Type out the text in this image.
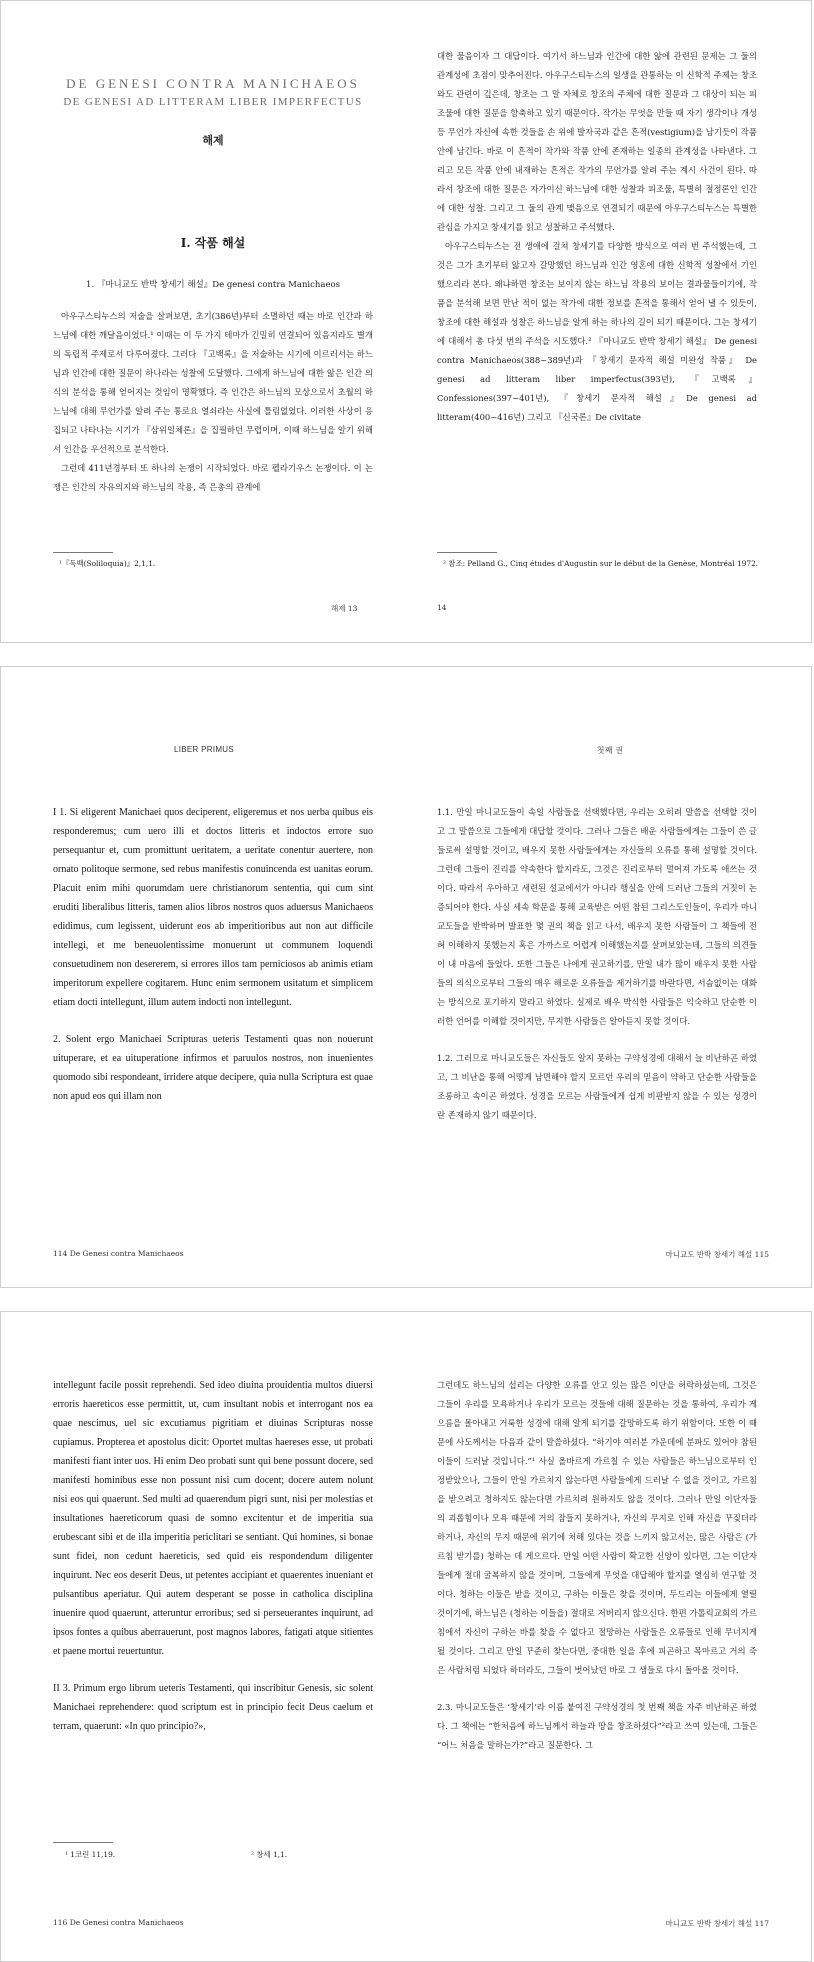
DE GENESI CONTRA MANICHAEOS
DE GENESI AD LITTERAM LIBER IMPERFECTUS
해제
I. 작품 해설
1. 『마니교도 반박 창세기 해설』De genesi contra Manichaeos

아우구스티누스의 저술을 살펴보면, 초기(386년)부터 소멸하던 때는 바로 인간과 하느님에 대한 깨달음이었다.¹ 이때는 이 두 가지 테마가 긴밀히 연결되어 있음지라도 별개의 독립적 주제로서 다루어졌다. 그러다 『고백록』을 저술하는 시기에 이르러서는 하느님과 인간에 대한 질문이 하나라는 성찰에 도달했다. 그에게 하느님에 대한 앎은 인간 의식의 분석을 통해 얻어지는 것임이 명확했다. 즉 인간은 하느님의 모상으로서 초월의 하느님에 대해 무언가를 알려 주는 통로요 열쇠라는 사실에 틀림없었다. 이러한 사상이 응집되고 나타나는 시기가 『삼위일체론』을 집필하던 무렵이며, 이때 하느님을 알기 위해서 인간을 우선적으로 분석한다.

그런데 411년경부터 또 하나의 논쟁이 시작되었다. 바로 펠라기우스 논쟁이다. 이 논쟁은 인간의 자유의지와 하느님의 작용, 즉 은총의 관계에

¹『독백(Soliloquia)』2,1,1.
해제 13

대한 물음이자 그 대답이다. 여기서 하느님과 인간에 대한 앎에 관련된 문제는 그 둘의 관계성에 초점이 맞추어진다. 아우구스티누스의 일생을 관통하는 이 신학적 주제는 창조와도 관련이 깊은데, 창조는 그 말 자체로 창조의 주체에 대한 질문과 그 대상이 되는 피조물에 대한 질문을 함축하고 있기 때문이다. 작가는 무엇을 만들 때 자기 생각이나 개성 등 무언가 자신에 속한 것들을 손 위에 발자국과 같은 흔적(vestigium)을 남기듯이 작품 안에 남긴다. 바로 이 흔적이 작가와 작품 안에 존재하는 일종의 관계성을 나타낸다. 그리고 모든 작품 안에 내재하는 흔적은 작가의 무언가를 알려 주는 계시 사건이 된다. 따라서 창조에 대한 질문은 자가이신 하느님에 대한 성찰과 피조물, 특별히 절정론인 인간에 대한 성찰. 그리고 그 둘의 관계 맺음으로 연결되기 때문에 아우구스티누스는 특별한 관심을 가지고 창세기를 읽고 성찰하고 주석했다.

아우구스티누스는 전 생애에 걸쳐 창세기를 다양한 방식으로 여러 번 주석했는데, 그것은 그가 초기부터 앓고자 갈망했던 하느님과 인간 영혼에 대한 신학적 성찰에서 기인했으리라 본다. 왜냐하면 창조는 보이지 않는 하느님 작용의 보이는 결과물들이기에, 작품을 분석해 보면 만난 적이 없는 작가에 대한 정보를 흔적을 통해서 얻어 낼 수 있듯이, 창조에 대한 해설과 성찰은 하느님을 알게 하는 하나의 길이 되기 때문이다. 그는 창세기에 대해서 총 다섯 번의 주석을 시도했다.² 『마니교도 반박 창세기 해설』 De genesi contra Manichaeos(388~389년)과 『창세기 문자적 해설 미완성 작품』 De genesi ad litteram liber imperfectus(393년), 『고백록』Confessiones(397~401년), 『창세기 문자적 해설』De genesi ad litteram(400~416년) 그리고 『신국론』De civitate

² 참조: Pelland G., Cinq études d'Augustin sur le début de la Genèse, Montréal 1972.
14
LIBER PRIMUS

I 1. Si eligerent Manichaei quos deciperent, eligeremus et nos uerba quibus eis responderemus; cum uero illi et doctos litteris et indoctos errore suo persequantur et, cum promittunt ueritatem, a ueritate conentur auertere, non ornato politoque sermone, sed rebus manifestis conuincenda est uanitas eorum. Placuit enim mihi quorumdam uere christianorum sententia, qui cum sint eruditi liberalibus litteris, tamen alios libros nostros quos aduersus Manichaeos edidimus, cum legissent, uiderunt eos ab imperitioribus aut non aut difficile intellegi, et me beneuolentissime monuerunt ut communem loquendi consuetudinem non desererem, si errores illos tam perniciosos ab animis etiam imperitorum expellere cogitarem. Hunc enim sermonem usitatum et simplicem etiam docti intellegunt, illum autem indocti non intellegunt.

2. Solent ergo Manichaei Scripturas ueteris Testamenti quas non nouerunt uituperare, et ea uituperatione infirmos et paruulos nostros, non inuenientes quomodo sibi respondeant, irridere atque decipere, quia nulla Scriptura est quae non apud eos qui illam non

114 De Genesi contra Manichaeos
첫째 권

1.1. 만일 마니교도들이 속일 사람들을 선택했다면, 우리는 오히려 말씀을 선택할 것이고 그 말씀으로 그들에게 대답할 것이다. 그러나 그들은 배운 사람들에게는 그들이 쓴 글들로써 설명할 것이고, 배우지 못한 사람들에게는 자신들의 오류를 통해 설명할 것이다. 그런데 그들이 진리를 약속한다 할지라도, 그것은 진리로부터 멀어져 가도록 애쓰는 것이다. 따라서 우아하고 세련된 설교에서가 아니라 행실을 안에 드러난 그들의 거짓이 논증되어야 한다. 사실 세속 학문을 통해 교육받은 어떤 참된 그리스도인들이, 우리가 마니교도들을 반박하며 발표한 몇 권의 책을 읽고 나서, 배우지 못한 사람들이 그 책들에 전혀 이해하지 못했는지 혹은 가까스로 어렵게 이해했는지를 살펴보았는데, 그들의 의견들이 내 마음에 들었다. 또한 그들은 나에게 권고하기를, 만일 내가 많이 배우지 못한 사람들의 의식으로부터 그들의 매우 해로운 오류들을 제거하기를 바란다면, 서슴없이는 대화는 방식으로 포기하지 말라고 하였다. 실제로 배우 박식한 사람들은 익숙하고 단순한 이러한 언어를 이해할 것이지만, 무지한 사람들은 알아듣지 못할 것이다.

1.2. 그러므로 마니교도들은 자신들도 알지 못하는 구약성경에 대해서 늘 비난하곤 하였고, 그 비난을 통해 어떻게 남면해야 할지 모르던 우리의 믿음이 약하고 단순한 사람들을 조롱하고 속이곤 하였다. 성경을 모르는 사람들에게 쉽게 비판받지 않을 수 있는 성경이란 존재하지 않기 때문이다.

마니교도 반박 창세기 해설 115

intellegunt facile possit reprehendi. Sed ideo diuina prouidentia multos diuersi erroris haereticos esse permittit, ut, cum insultant nobis et interrogant nos ea quae nescimus, uel sic excutiamus pigritiam et diuinas Scripturas nosse cupiamus. Propterea et apostolus dicit: Oportet multas haereses esse, ut probati manifesti fiant inter uos. Hi enim Deo probati sunt qui bene possunt docere, sed manifesti hominibus esse non possunt nisi cum docent; docere autem nolunt nisi eos qui quaerunt. Sed multi ad quaerendum pigri sunt, nisi per molestias et insultationes haereticorum quasi de somno excitentur et de imperitia sua erubescant sibi et de illa imperitia periclitari se sentiant. Qui homines, si bonae sunt fidei, non cedunt haereticis, sed quid eis respondendum diligenter inquirunt. Nec eos deserit Deus, ut petentes accipiant et quaerentes inueniant et pulsantibus aperiatur. Qui autem desperant se posse in catholica disciplina inuenire quod quaerunt, atteruntur erroribus; sed si perseuerantes inquirunt, ad ipsos fontes a quibus aberrauerunt, post magnos labores, fatigati atque sitientes et paene mortui reuertuntur.

II 3. Primum ergo librum ueteris Testamenti, qui inscribitur Genesis, sic solent Manichaei reprehendere: quod scriptum est in principio fecit Deus caelum et terram, quaerunt: «In quo principio?»,

¹ 1코린 11,19.	² 창세 1,1.
116 De Genesi contra Manichaeos

그런데도 하느님의 섭리는 다양한 오류를 안고 있는 많은 이단을 허락하셨는데, 그것은 그들이 우리를 모욕하거나 우리가 모르는 것들에 대해 질문하는 것을 통하여, 우리가 게으름을 몰아내고 거룩한 성경에 대해 알게 되기를 갈망하도록 하기 위함이다. 또한 이 때문에 사도께서는 다음과 같이 말씀하셨다. “하기야 여러분 가운데에 분파도 있어야 참된 이들이 드러날 것입니다.”¹ 사실 올바르게 가르칠 수 있는 사람들은 하느님으로부터 인정받았으나, 그들이 만일 가르치지 않는다면 사람들에게 드러날 수 없을 것이고, 가르침을 받으려고 청하지도 않는다면 가르치려 원하지도 않을 것이다. 그러나 만일 이단자들의 괴롭힘이나 모욕 때문에 거의 잠들지 못하거나, 자신의 무지로 인해 자신을 꾸짖더라하거나, 자신의 무지 때문에 위기에 처해 있다는 것을 느끼지 않고서는, 많은 사람은 (가르침 받기를) 청하는 데 게으르다. 만일 어떤 사람이 확고한 신앙이 있다면, 그는 이단자들에게 절대 굴복하지 않을 것이며, 그들에게 무엇을 대답해야 할지를 열심히 연구할 것이다. 청하는 이들은 받을 것이고, 구하는 이들은 찾을 것이며, 두드리는 이들에게 열릴 것이기에, 하느님은 (청하는 이들을) 절대로 저버리지 않으신다. 한편 가톨릭교회의 가르침에서 자신이 구하는 바를 찾을 수 없다고 절망하는 사람들은 오류들로 인해 무너지게 될 것이다. 그리고 만일 꾸준히 찾는다면, 중대한 일을 후에 피곤하고 목마르고 거의 죽은 사람처럼 되었다 하더라도, 그들이 벗어났던 바로 그 샘들로 다시 돌아올 것이다.

2.3. 마니교도들은 ‘창세기’라 이름 붙여진 구약성경의 첫 번째 책을 자주 비난하곤 하였다. 그 책에는 “한처음에 하느님께서 하늘과 땅을 창조하셨다”²라고 쓰여 있는데, 그들은 “어느 처음을 말하는가?”라고 질문한다. 그

마니교도 반박 창세기 해설 117
